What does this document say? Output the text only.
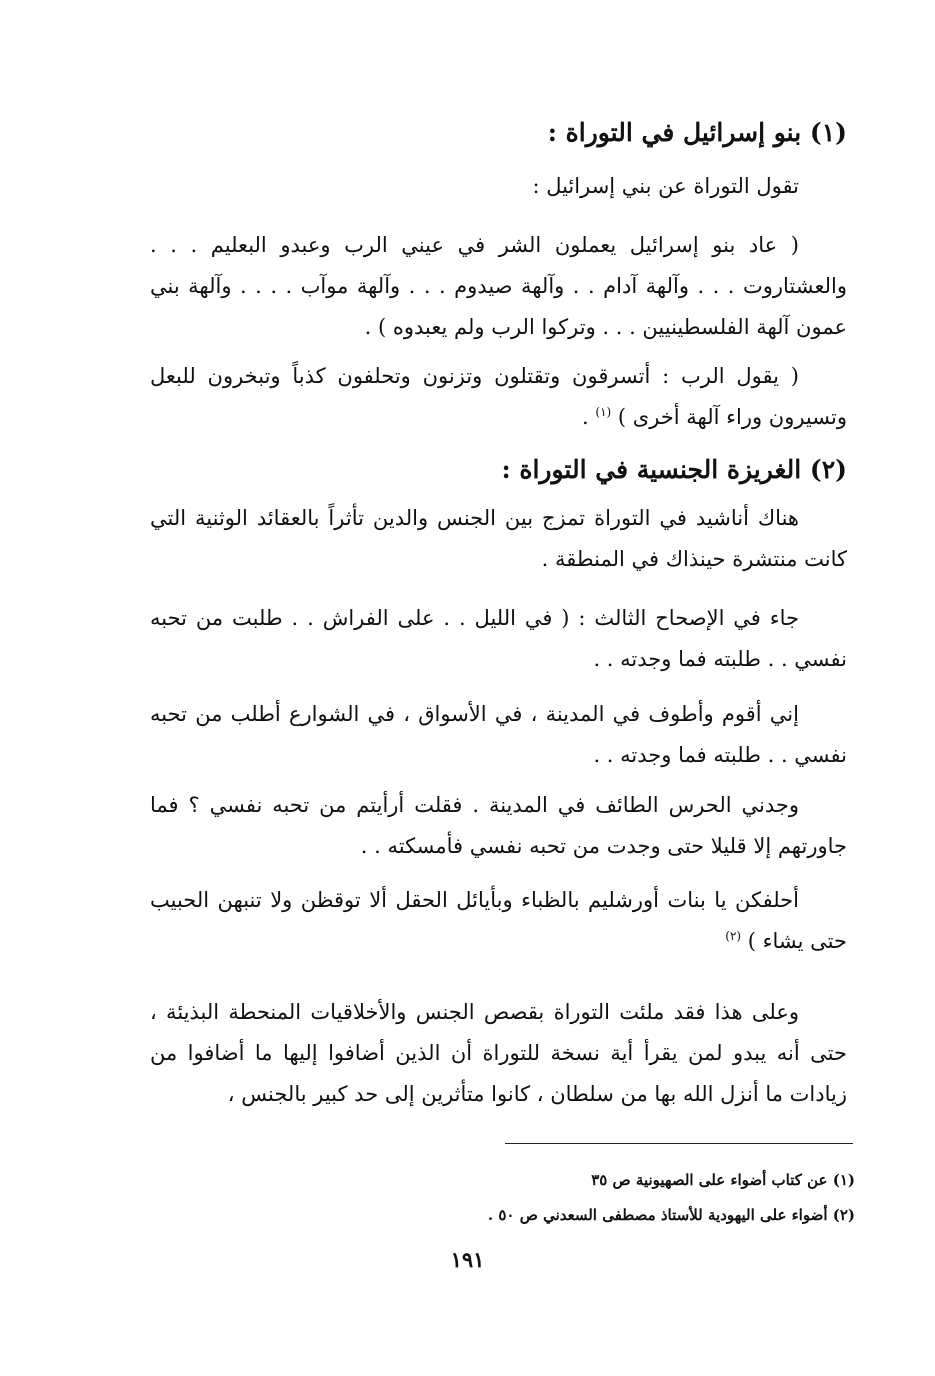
(١) بنو إسرائيل في التوراة :
تقول التوراة عن بني إسرائيل :
( عاد بنو إسرائيل يعملون الشر في عيني الرب وعبدو البعليم . . . والعشتاروت . . . وآلهة آدام . . وآلهة صيدوم . . . وآلهة موآب . . . . وآلهة بني عمون آلهة الفلسطينيين . . . وتركوا الرب ولم يعبدوه ) .
( يقول الرب : أتسرقون وتقتلون وتزنون وتحلفون كذباً وتبخرون للبعل وتسيرون وراء آلهة أخرى ) $^{(١)}$ .
(٢) الغريزة الجنسية في التوراة :
هناك أناشيد في التوراة تمزج بين الجنس والدين تأثراً بالعقائد الوثنية التي كانت منتشرة حينذاك في المنطقة .
جاء في الإصحاح الثالث : ( في الليل . . على الفراش . . طلبت من تحبه نفسي . . طلبته فما وجدته . .
إني أقوم وأطوف في المدينة ، في الأسواق ، في الشوارع أطلب من تحبه نفسي . . طلبته فما وجدته . .
وجدني الحرس الطائف في المدينة . فقلت أرأيتم من تحبه نفسي ؟ فما جاورتهم إلا قليلا حتى وجدت من تحبه نفسي فأمسكته . .
أحلفكن يا بنات أورشليم بالظباء وبأيائل الحقل ألا توقظن ولا تنبهن الحبيب حتى يشاء ) $^{(٢)}$
وعلى هذا فقد ملئت التوراة بقصص الجنس والأخلاقيات المنحطة البذيئة ، حتى أنه يبدو لمن يقرأ أية نسخة للتوراة أن الذين أضافوا إليها ما أضافوا من زيادات ما أنزل الله بها من سلطان ، كانوا متأثرين إلى حد كبير بالجنس ،
(١) عن كتاب أضواء على الصهيونية ص ٣٥
(٢) أضواء على اليهودية للأستاذ مصطفى السعدني ص ٥٠ .
١٩١
